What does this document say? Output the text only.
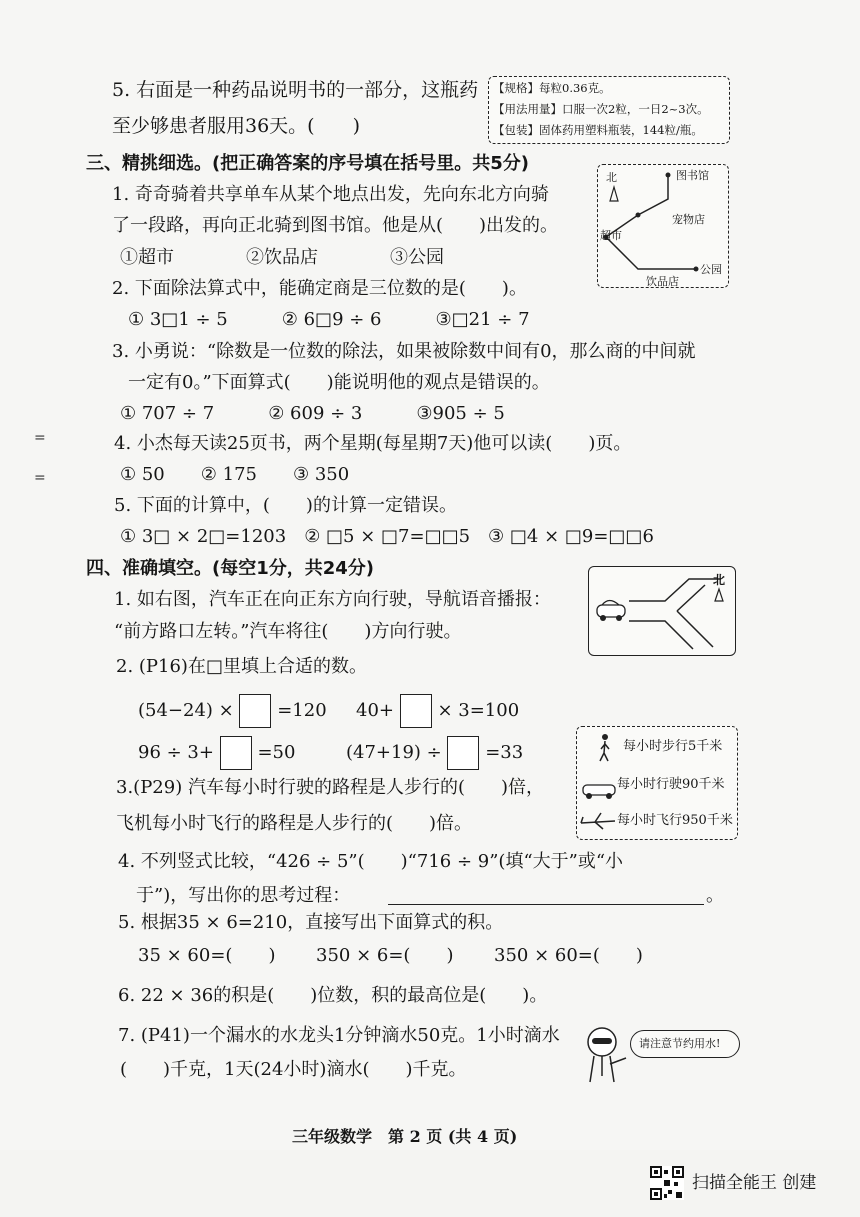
5. 右面是一种药品说明书的一部分，这瓶药
至少够患者服用36天。(　　)
【规格】每粒0.36克。
【用法用量】口服一次2粒，一日2~3次。
【包装】固体药用塑料瓶装，144粒/瓶。
三、精挑细选。(把正确答案的序号填在括号里。共5分)
1. 奇奇骑着共享单车从某个地点出发，先向东北方向骑
了一段路，再向正北骑到图书馆。他是从(　　)出发的。
①超市　　　　②饮品店　　　　③公园
北	图书馆
宠物店
超市
饮品店
公园
2. 下面除法算式中，能确定商是三位数的是(　　)。
① 3□1 ÷ 5　　　② 6□9 ÷ 6　　　③□21 ÷ 7
3. 小勇说：“除数是一位数的除法，如果被除数中间有0，那么商的中间就
一定有0。”下面算式(　　)能说明他的观点是错误的。
① 707 ÷ 7　　　② 609 ÷ 3　　　③905 ÷ 5
4. 小杰每天读25页书，两个星期(每星期7天)他可以读(　　)页。
① 50　　② 175　　③ 350
5. 下面的计算中，(　　)的计算一定错误。
① 3□ × 2□=1203　② □5 × □7=□□5　③ □4 × □9=□□6
四、准确填空。(每空1分，共24分)
1. 如右图，汽车正在向正东方向行驶，导航语音播报：
“前方路口左转。”汽车将往(　　)方向行驶。
北
2. (P16)在□里填上合适的数。
(54−24) × =120 40+ × 3=100
96 ÷ 3+ =50	(47+19) ÷ =33	每小时步行5千米
每小时行驶90千米
每小时飞行950千米
3.(P29) 汽车每小时行驶的路程是人步行的(　　)倍，
飞机每小时飞行的路程是人步行的(　　)倍。
4. 不列竖式比较，“426 ÷ 5”(　　)“716 ÷ 9”(填“大于”或“小
于”)，写出你的思考过程：	。
5. 根据35 × 6=210，直接写出下面算式的积。
35 × 60=(　　) 350 × 6=(　　) 350 × 60=(　　)
6. 22 × 36的积是(　　)位数，积的最高位是(　　)。
7. (P41)一个漏水的水龙头1分钟滴水50克。1小时滴水
(　　)千克，1天(24小时)滴水(　　)千克。
请注意节约用水!
三年级数学　第 2 页 (共 4 页)
=
=
扫描全能王 创建
